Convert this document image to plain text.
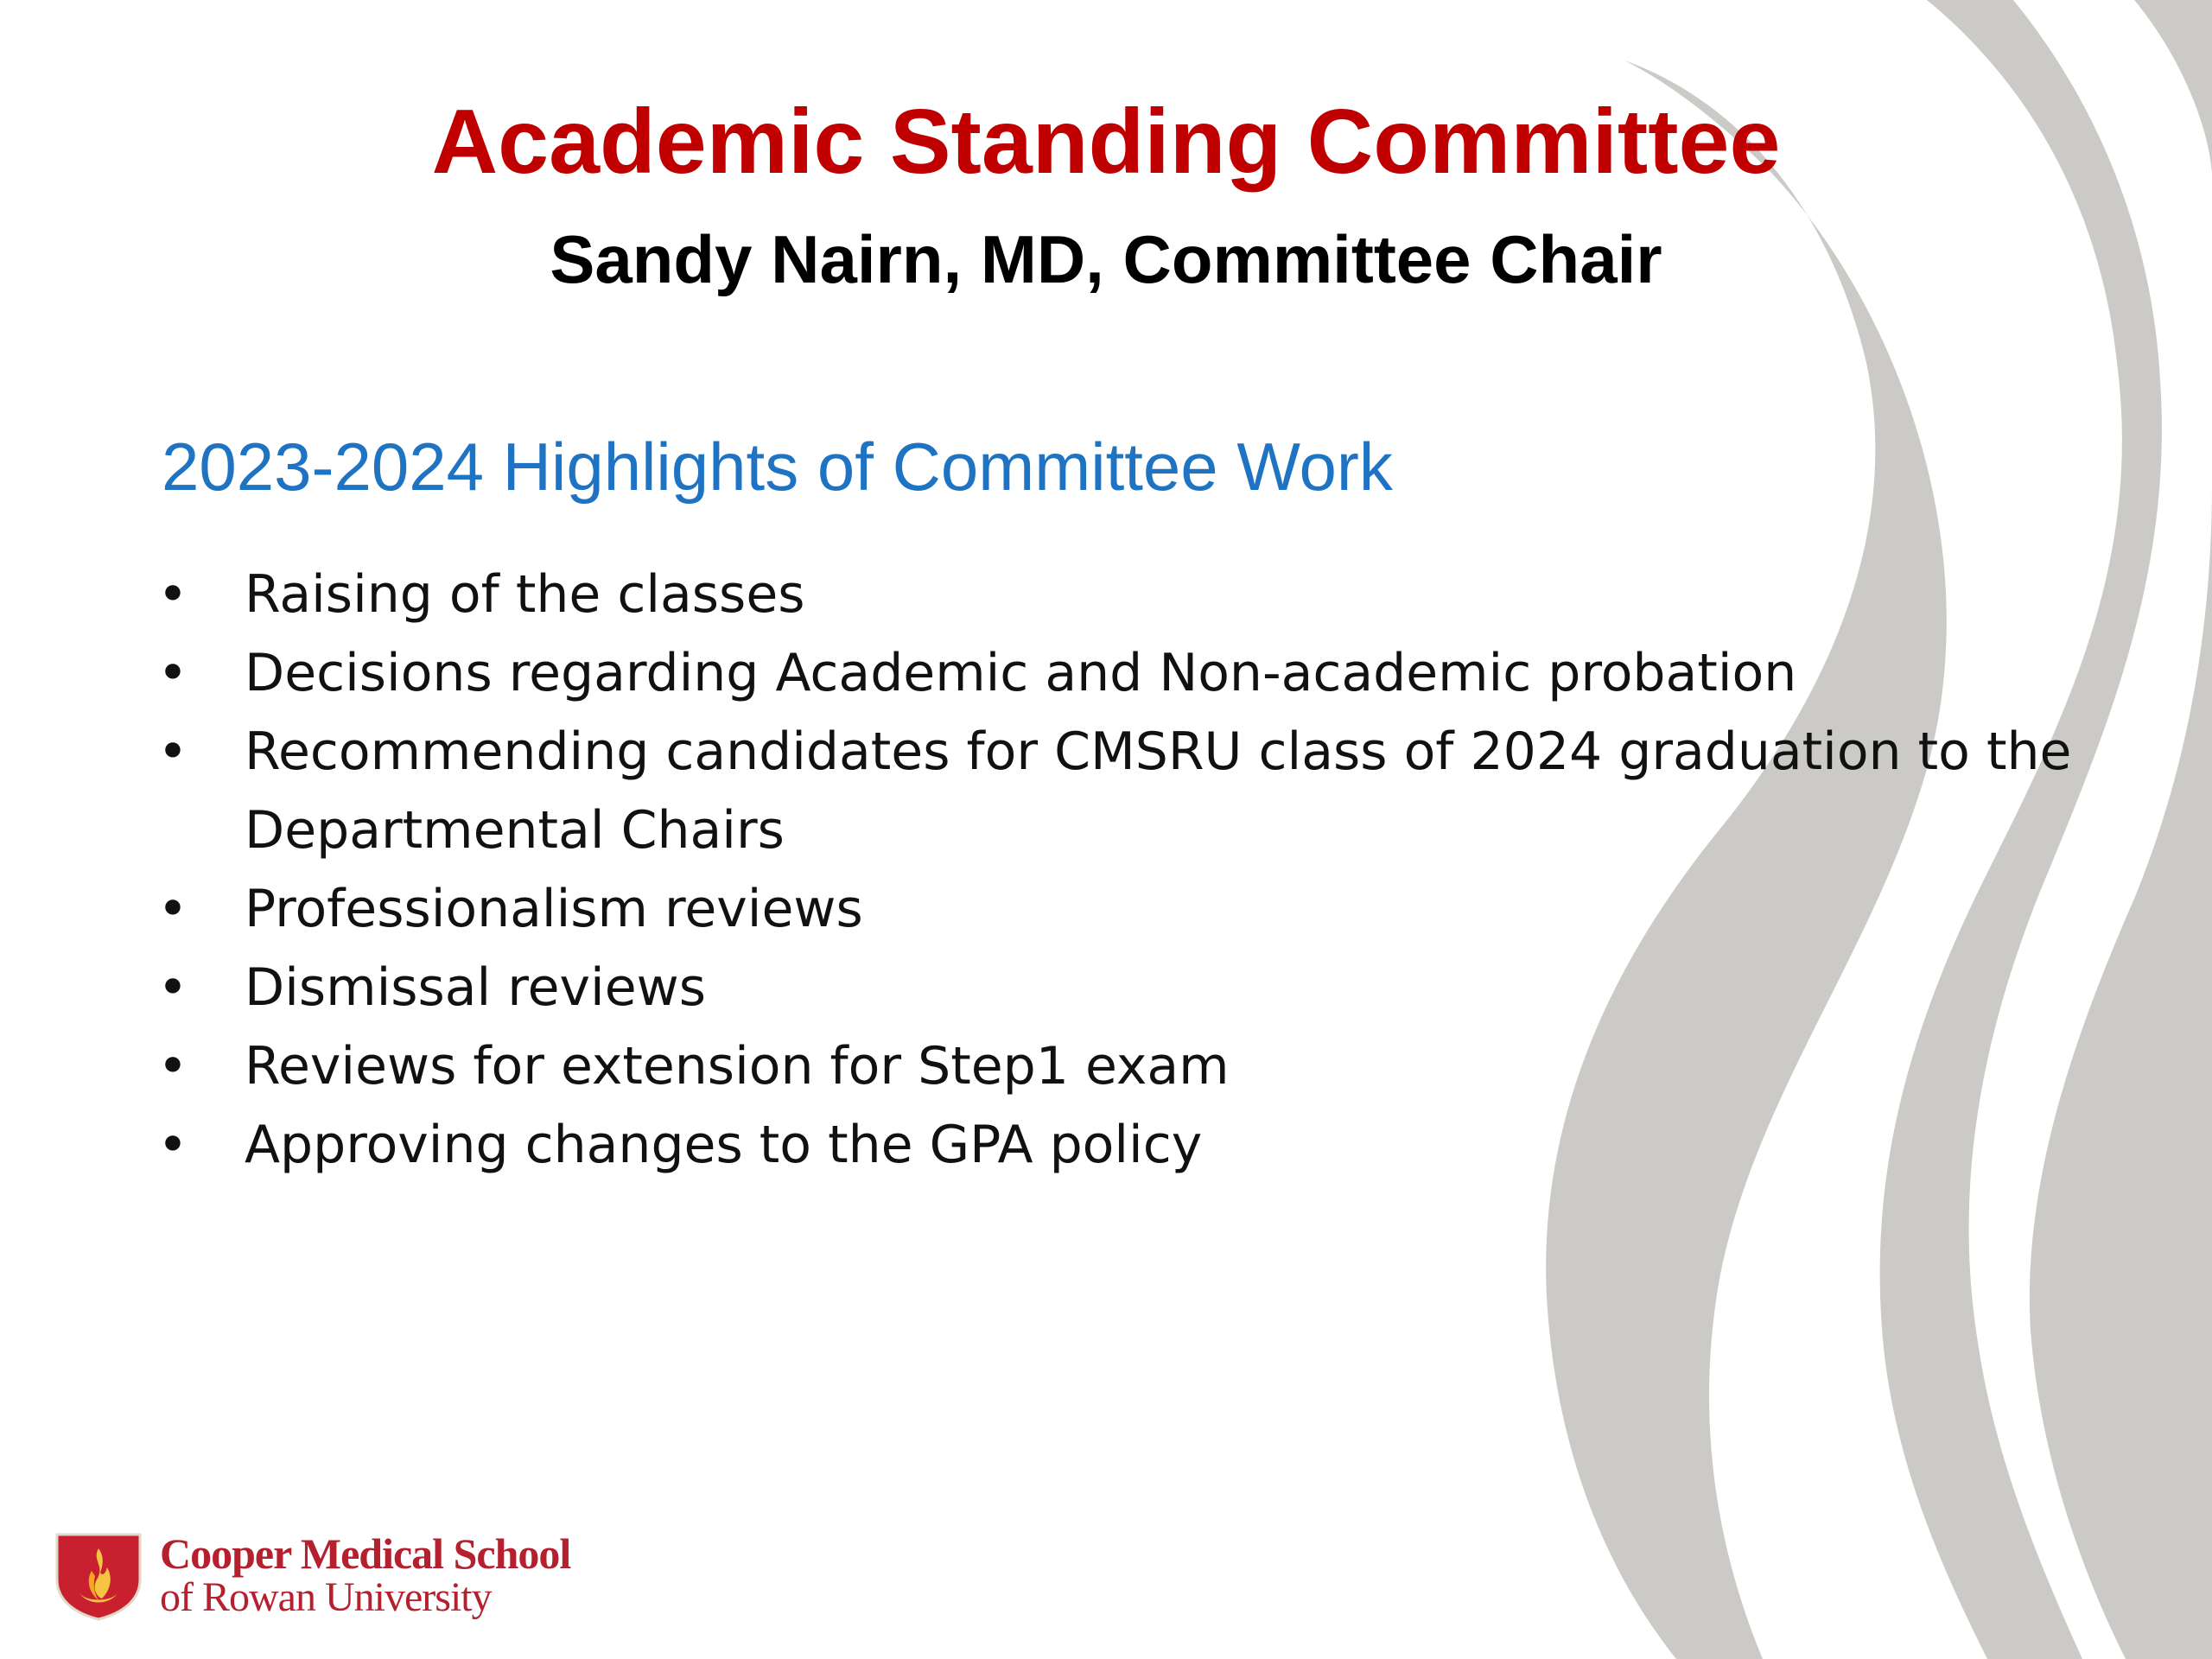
Academic Standing Committee
Sandy Nairn, MD, Committee Chair
2023-2024 Highlights of Committee Work
• Raising of the classes
• Decisions regarding Academic and Non-academic probation
• Recommending candidates for CMSRU class of 2024 graduation to the Departmental Chairs
• Professionalism reviews
• Dismissal reviews
• Reviews for extension for Step1 exam
• Approving changes to the GPA policy
Cooper Medical School
of Rowan University
